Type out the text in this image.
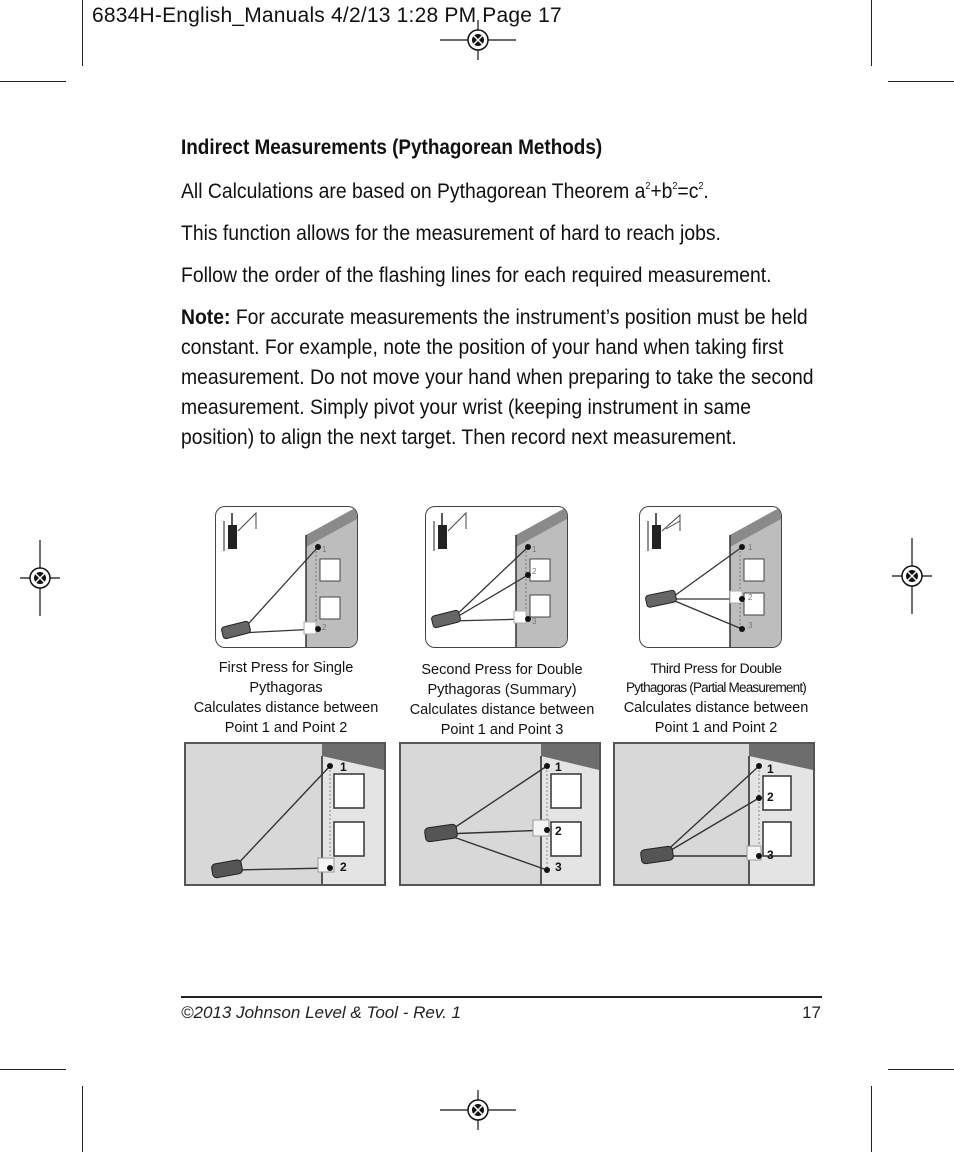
6834H-English_Manuals 4/2/13 1:28 PM Page 17
Indirect Measurements (Pythagorean Methods)
All Calculations are based on Pythagorean Theorem $a^2+b^2=c^2$.
This function allows for the measurement of hard to reach jobs.
Follow the order of the flashing lines for each required measurement.
Note: For accurate measurements the instrument’s position must be held constant. For example, note the position of your hand when taking first measurement. Do not move your hand when preparing to take the second measurement. Simply pivot your wrist (keeping instrument in same position) to align the next target. Then record next measurement.
1
2
First Press for Single
Pythagoras
Calculates distance between
Point 1 and Point 2
1
2
1
2
3
Second Press for Double
Pythagoras (Summary)
Calculates distance between
Point 1 and Point 3
1
2
3
1
2
3
Third Press for Double
Pythagoras (Partial Measurement)
Calculates distance between
Point 1 and Point 2
1
2
3
©2013 Johnson Level & Tool - Rev. 1	17
